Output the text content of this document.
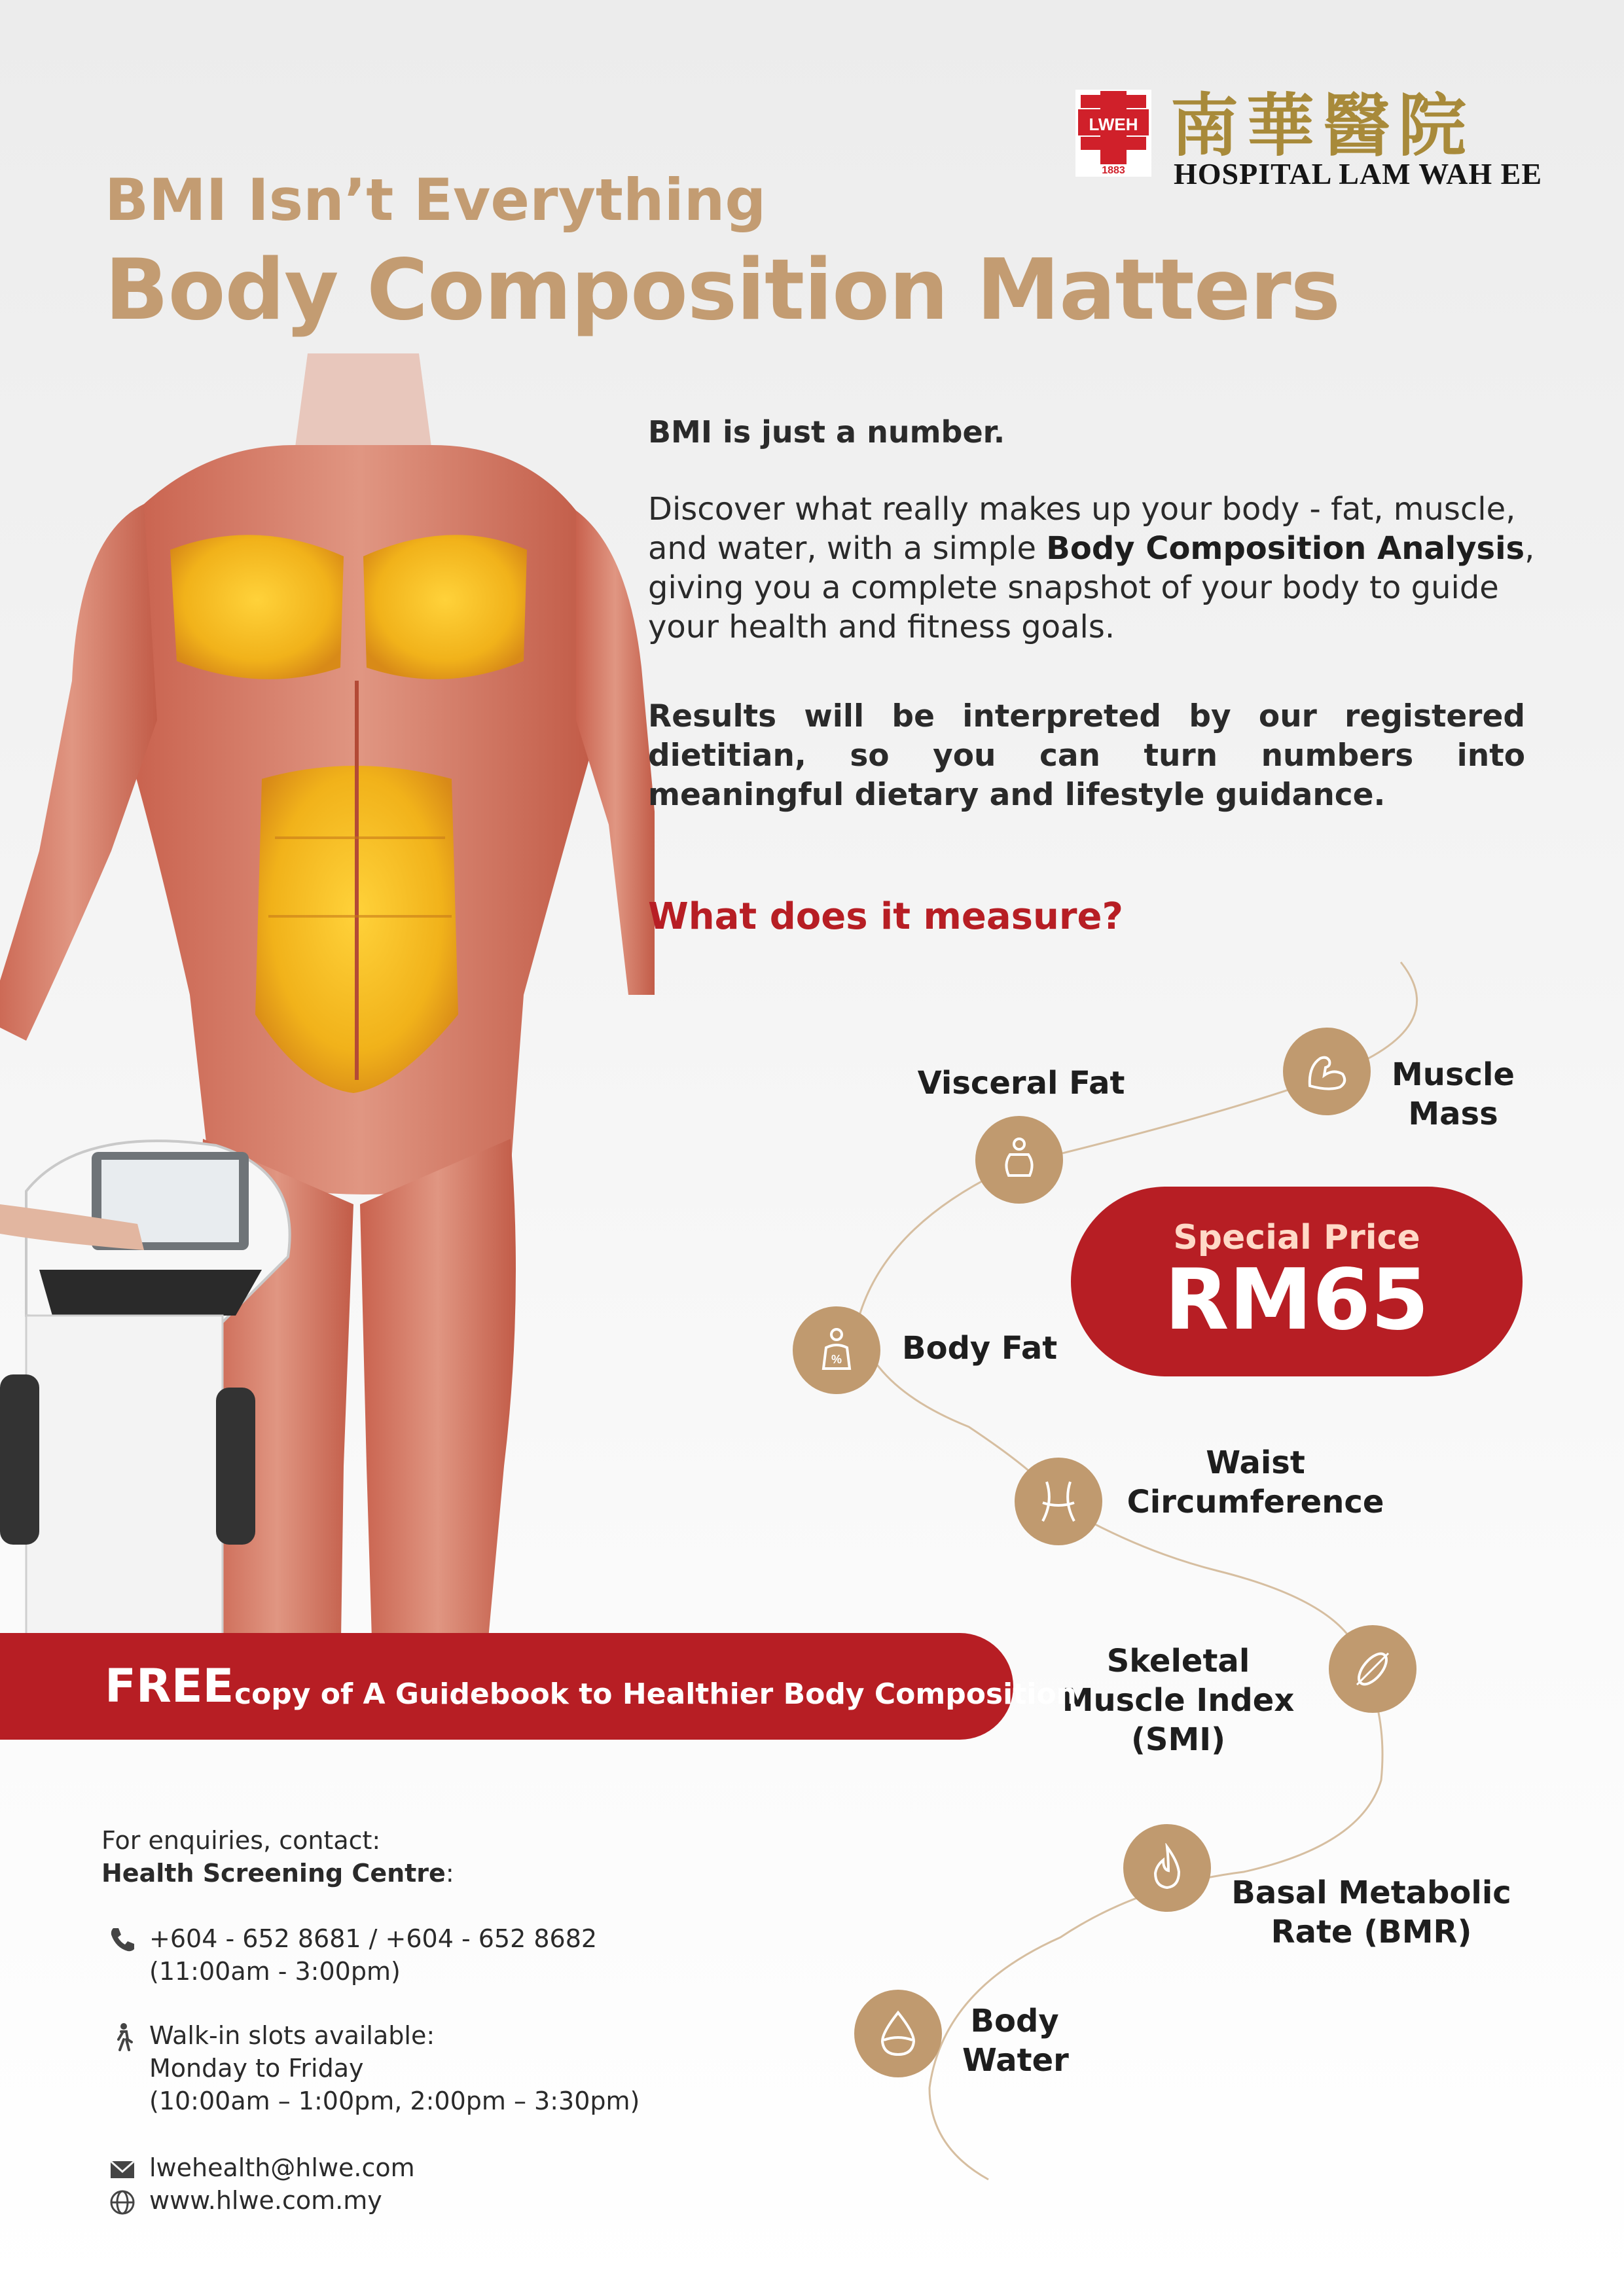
LWEH
1883
南華醫院
HOSPITAL LAM WAH EE
BMI Isn’t Everything
Body Composition Matters
BMI is just a number.
Discover what really makes up your body - fat, muscle, and water, with a simple Body Composition Analysis, giving you a complete snapshot of your body to guide your health and fitness goals.
Results will be interpreted by our registered dietitian, so you can turn numbers into meaningful dietary and lifestyle guidance.
What does it measure?
Muscle Mass
Visceral Fat
Special Price
RM65
% Body Fat
Waist Circumference
Skeletal Muscle Index (SMI)
Basal Metabolic Rate (BMR)
Body Water
FREE copy of A Guidebook to Healthier Body Composition
For enquiries, contact:
Health Screening Centre:
+604 - 652 8681 / +604 - 652 8682
(11:00am - 3:00pm)
Walk-in slots available:
Monday to Friday
(10:00am – 1:00pm, 2:00pm – 3:30pm)
lwehealth@hlwe.com
www.hlwe.com.my
